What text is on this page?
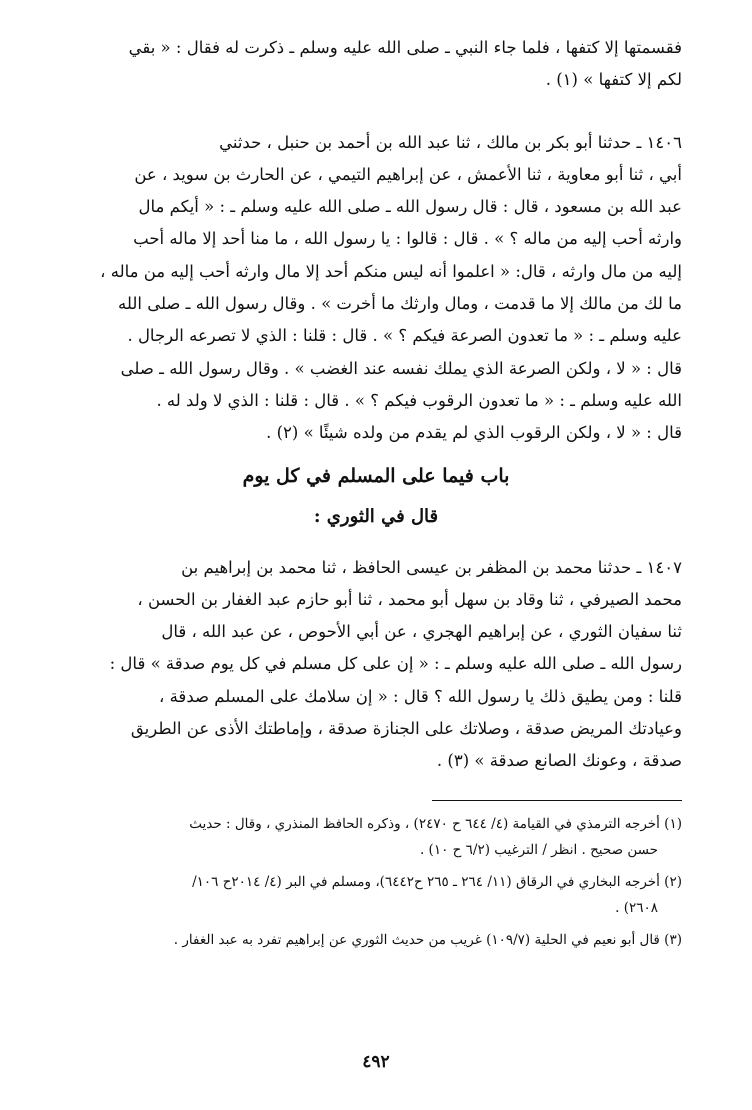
فقسمتها إلا كتفها ، فلما جاء النبي ـ صلى الله عليه وسلم ـ ذكرت له فقال : « بقي
لكم إلا كتفها » (١) .

١٤٠٦ ـ حدثنا أبو بكر بن مالك ، ثنا عبد الله بن أحمد بن حنبل ، حدثني
أبي ، ثنا أبو معاوية ، ثنا الأعمش ، عن إبراهيم التيمي ، عن الحارث بن سويد ، عن
عبد الله بن مسعود ، قال : قال رسول الله ـ صلى الله عليه وسلم ـ : « أيكم مال
وارثه أحب إليه من ماله ؟ » . قال : قالوا : يا رسول الله ، ما منا أحد إلا ماله أحب
إليه من مال وارثه ، قال: « اعلموا أنه ليس منكم أحد إلا مال وارثه أحب إليه من ماله ،
ما لك من مالك إلا ما قدمت ، ومال وارثك ما أخرت » . وقال رسول الله ـ صلى الله
عليه وسلم ـ : « ما تعدون الصرعة فيكم ؟ » . قال : قلنا : الذي لا تصرعه الرجال .
قال : « لا ، ولكن الصرعة الذي يملك نفسه عند الغضب » . وقال رسول الله ـ صلى
الله عليه وسلم ـ : « ما تعدون الرقوب فيكم ؟ » . قال : قلنا : الذي لا ولد له .
قال : « لا ، ولكن الرقوب الذي لم يقدم من ولده شيئًا » (٢) .

باب فيما على المسلم في كل يوم
قال في الثوري :

١٤٠٧ ـ حدثنا محمد بن المظفر بن عيسى الحافظ ، ثنا محمد بن إبراهيم بن
محمد الصيرفي ، ثنا وقاد بن سهل أبو محمد ، ثنا أبو حازم عبد الغفار بن الحسن ،
ثنا سفيان الثوري ، عن إبراهيم الهجري ، عن أبي الأحوص ، عن عبد الله ، قال
رسول الله ـ صلى الله عليه وسلم ـ : « إن على كل مسلم في كل يوم صدقة » قال :
قلنا : ومن يطيق ذلك يا رسول الله ؟ قال : « إن سلامك على المسلم صدقة ،
وعيادتك المريض صدقة ، وصلاتك على الجنازة صدقة ، وإماطتك الأذى عن الطريق
صدقة ، وعونك الصانع صدقة » (٣) .

(١) أخرجه الترمذي في القيامة (٤/ ٦٤٤ ح ٢٤٧٠) ، وذكره الحافظ المنذري ، وقال : حديث
حسن صحيح . انظر / الترغيب (٦/٢ ح ١٠) .

(٢) أخرجه البخاري في الرقاق (١١/ ٢٦٤ ـ ٢٦٥ ح٦٤٤٢)، ومسلم في البر (٤/ ٢٠١٤ح ١٠٦/
٢٦٠٨) .

(٣) قال أبو نعيم في الحلية (١٠٩/٧) غريب من حديث الثوري عن إبراهيم تفرد به عبد الغفار .

٤٩٢
